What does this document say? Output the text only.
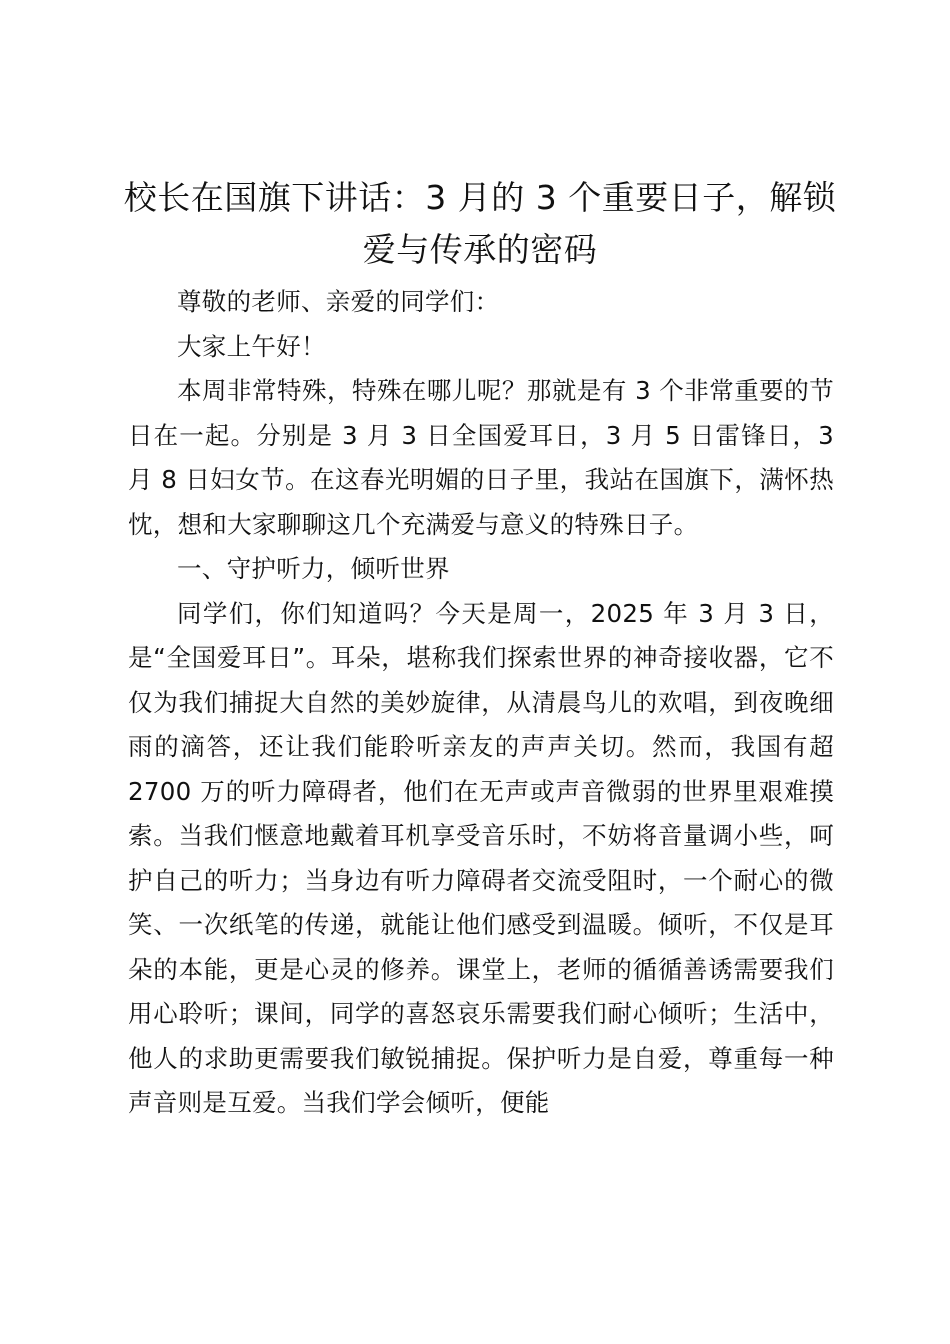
校长在国旗下讲话：3 月的 3 个重要日子，解锁爱与传承的密码

尊敬的老师、亲爱的同学们：

大家上午好！

本周非常特殊，特殊在哪儿呢？那就是有 3 个非常重要的节日在一起。分别是 3 月 3 日全国爱耳日，3 月 5 日雷锋日，3 月 8 日妇女节。在这春光明媚的日子里，我站在国旗下，满怀热忱，想和大家聊聊这几个充满爱与意义的特殊日子。

一、守护听力，倾听世界

同学们，你们知道吗？今天是周一，2025 年 3 月 3 日，是“全国爱耳日”。耳朵，堪称我们探索世界的神奇接收器，它不仅为我们捕捉大自然的美妙旋律，从清晨鸟儿的欢唱，到夜晚细雨的滴答，还让我们能聆听亲友的声声关切。然而，我国有超 2700 万的听力障碍者，他们在无声或声音微弱的世界里艰难摸索。当我们惬意地戴着耳机享受音乐时，不妨将音量调小些，呵护自己的听力；当身边有听力障碍者交流受阻时，一个耐心的微笑、一次纸笔的传递，就能让他们感受到温暖。倾听，不仅是耳朵的本能，更是心灵的修养。课堂上，老师的循循善诱需要我们用心聆听；课间，同学的喜怒哀乐需要我们耐心倾听；生活中，他人的求助更需要我们敏锐捕捉。保护听力是自爱，尊重每一种声音则是互爱。当我们学会倾听，便能
